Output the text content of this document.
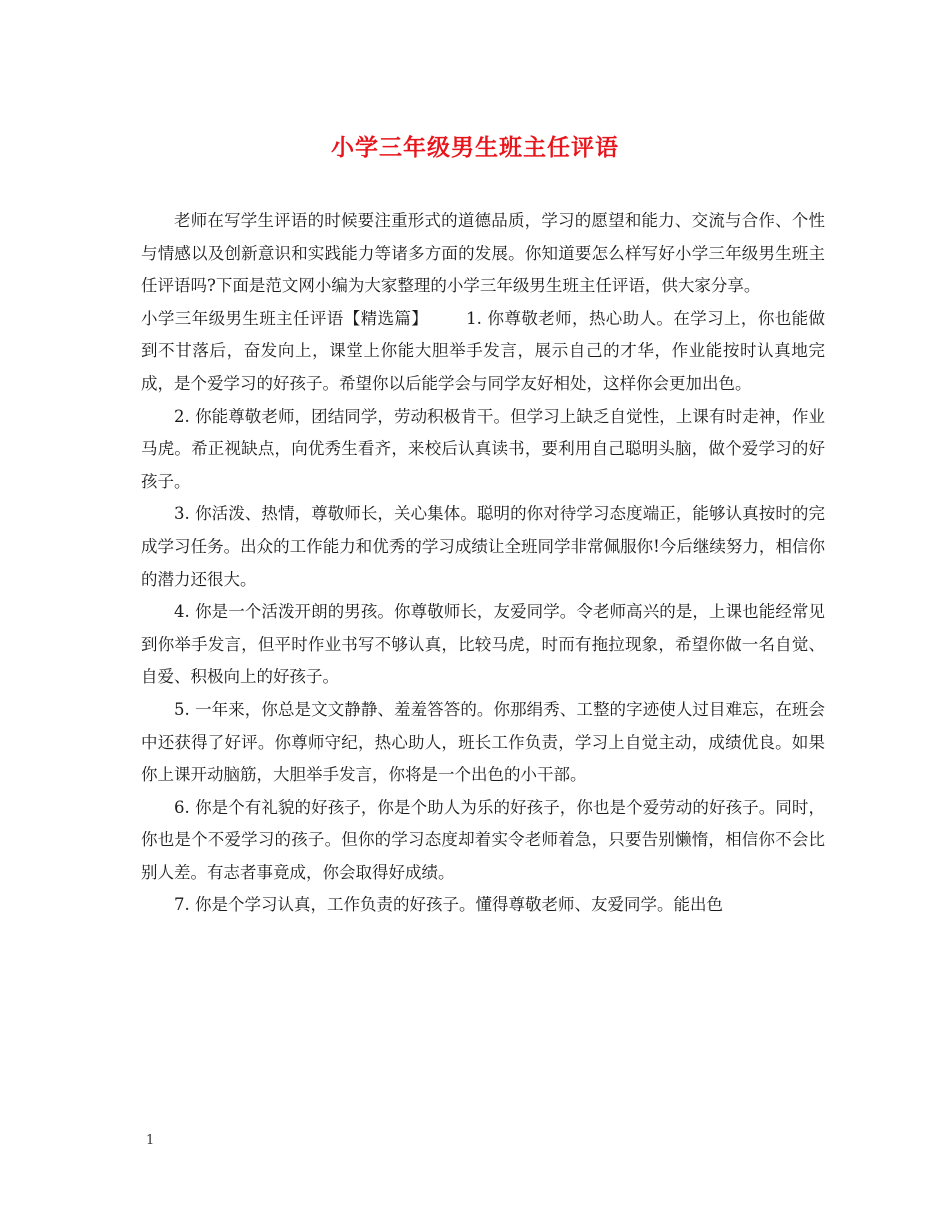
小学三年级男生班主任评语

老师在写学生评语的时候要注重形式的道德品质，学习的愿望和能力、交流与合作、个性与情感以及创新意识和实践能力等诸多方面的发展。你知道要怎么样写好小学三年级男生班主任评语吗?下面是范文网小编为大家整理的小学三年级男生班主任评语，供大家分享。

小学三年级男生班主任评语【精选篇】 1. 你尊敬老师，热心助人。在学习上，你也能做到不甘落后，奋发向上，课堂上你能大胆举手发言，展示自己的才华，作业能按时认真地完成，是个爱学习的好孩子。希望你以后能学会与同学友好相处，这样你会更加出色。

2. 你能尊敬老师，团结同学，劳动积极肯干。但学习上缺乏自觉性，上课有时走神，作业马虎。希正视缺点，向优秀生看齐，来校后认真读书，要利用自己聪明头脑，做个爱学习的好孩子。

3. 你活泼、热情，尊敬师长，关心集体。聪明的你对待学习态度端正，能够认真按时的完成学习任务。出众的工作能力和优秀的学习成绩让全班同学非常佩服你!今后继续努力，相信你的潜力还很大。

4. 你是一个活泼开朗的男孩。你尊敬师长，友爱同学。令老师高兴的是，上课也能经常见到你举手发言，但平时作业书写不够认真，比较马虎，时而有拖拉现象，希望你做一名自觉、自爱、积极向上的好孩子。

5. 一年来，你总是文文静静、羞羞答答的。你那绢秀、工整的字迹使人过目难忘，在班会中还获得了好评。你尊师守纪，热心助人，班长工作负责，学习上自觉主动，成绩优良。如果你上课开动脑筋，大胆举手发言，你将是一个出色的小干部。

6. 你是个有礼貌的好孩子，你是个助人为乐的好孩子，你也是个爱劳动的好孩子。同时，你也是个不爱学习的孩子。但你的学习态度却着实令老师着急，只要告别懒惰，相信你不会比别人差。有志者事竟成，你会取得好成绩。

7. 你是个学习认真，工作负责的好孩子。懂得尊敬老师、友爱同学。能出色

1
